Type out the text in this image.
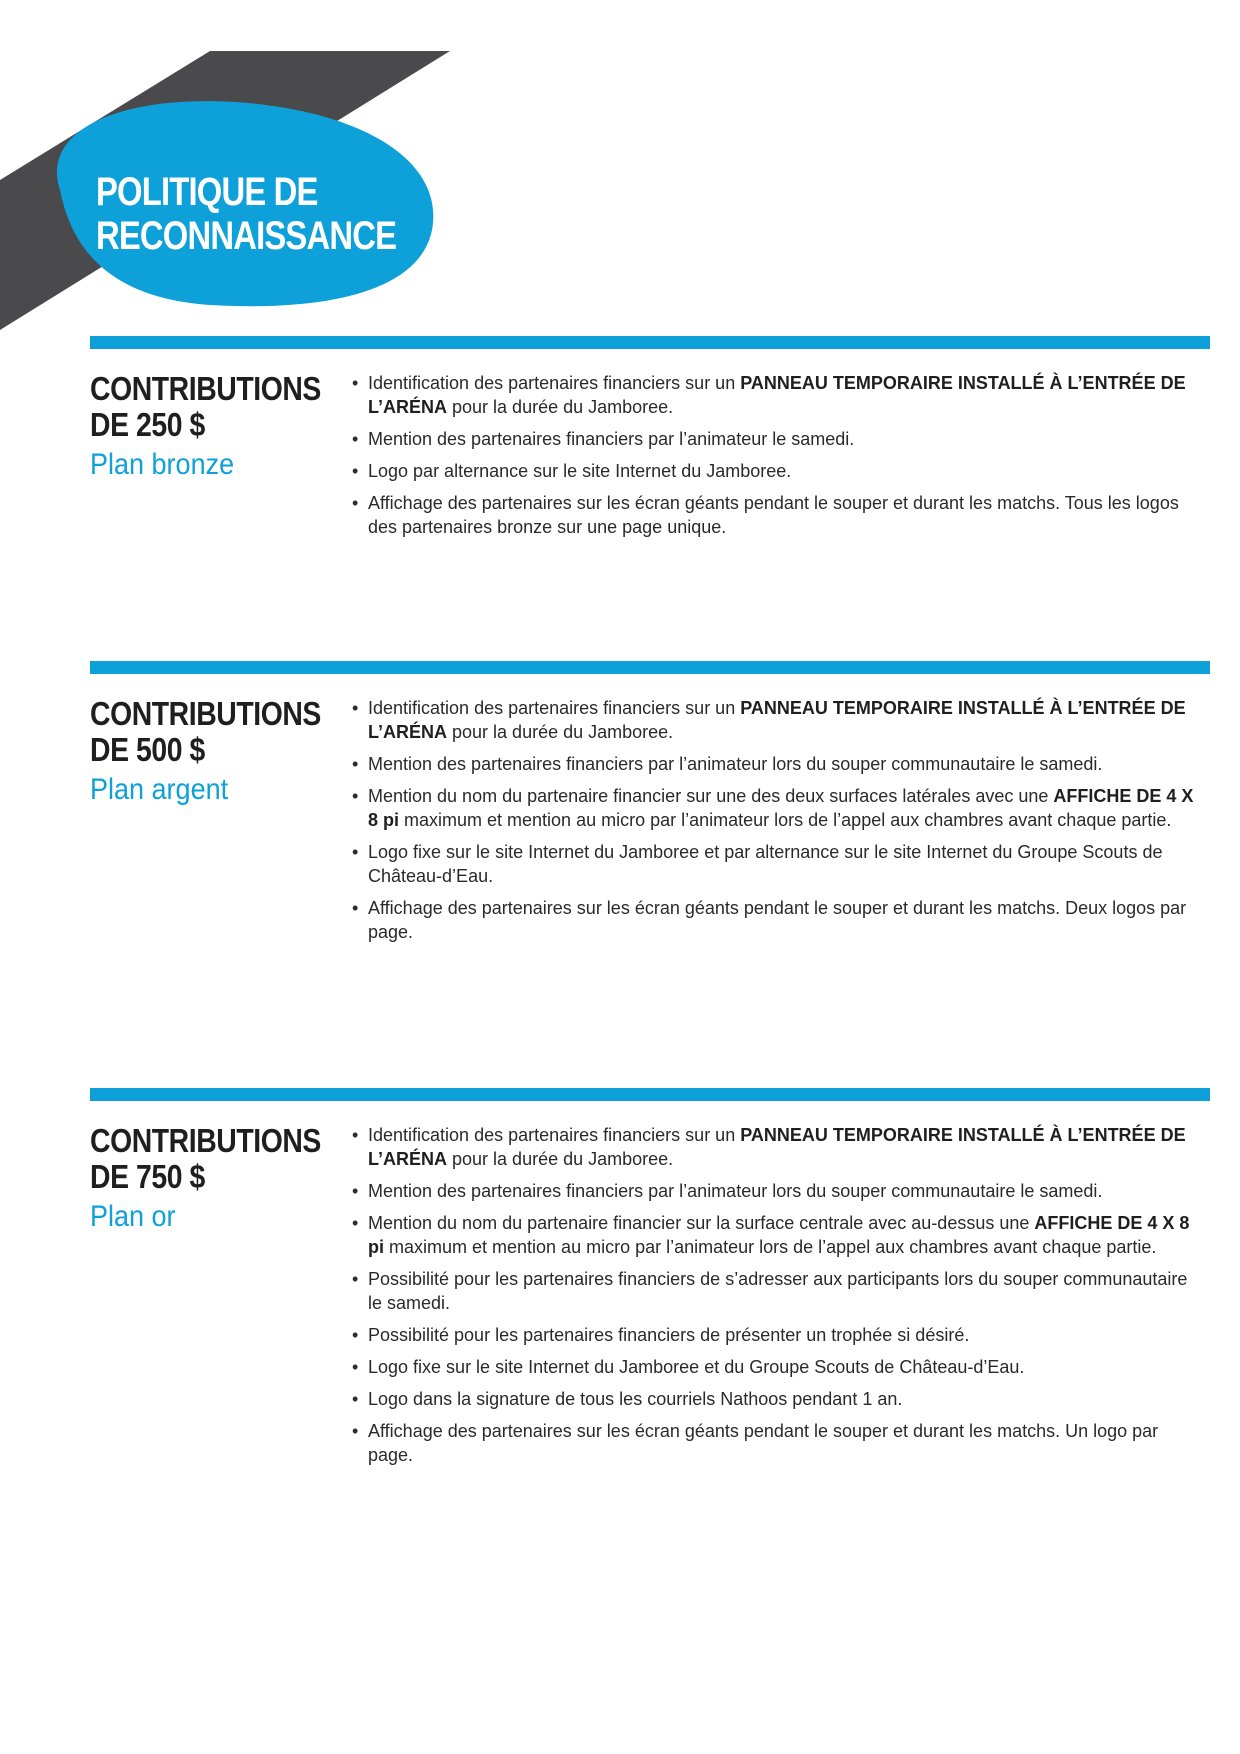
POLITIQUE DE
RECONNAISSANCE
CONTRIBUTIONS
DE 250 $
Plan bronze
• Identification des partenaires financiers sur un PANNEAU TEMPORAIRE INSTALLÉ À L’ENTRÉE DE L’ARÉNA pour la durée du Jamboree.
• Mention des partenaires financiers par l’animateur le samedi.
• Logo par alternance sur le site Internet du Jamboree.
• Affichage des partenaires sur les écran géants pendant le souper et durant les matchs. Tous les logos des partenaires bronze sur une page unique.
CONTRIBUTIONS
DE 500 $
Plan argent
• Identification des partenaires financiers sur un PANNEAU TEMPORAIRE INSTALLÉ À L’ENTRÉE DE L’ARÉNA pour la durée du Jamboree.
• Mention des partenaires financiers par l’animateur lors du souper communautaire le samedi.
• Mention du nom du partenaire financier sur une des deux surfaces latérales avec une AFFICHE DE 4 X 8 pi maximum et mention au micro par l’animateur lors de l’appel aux chambres avant chaque partie.
• Logo fixe sur le site Internet du Jamboree et par alternance sur le site Internet du Groupe Scouts de Château-d’Eau.
• Affichage des partenaires sur les écran géants pendant le souper et durant les matchs. Deux logos par page.
CONTRIBUTIONS
DE 750 $
Plan or
• Identification des partenaires financiers sur un PANNEAU TEMPORAIRE INSTALLÉ À L’ENTRÉE DE L’ARÉNA pour la durée du Jamboree.
• Mention des partenaires financiers par l’animateur lors du souper communautaire le samedi.
• Mention du nom du partenaire financier sur la surface centrale avec au-dessus une AFFICHE DE 4 X 8 pi maximum et mention au micro par l’animateur lors de l’appel aux chambres avant chaque partie.
• Possibilité pour les partenaires financiers de s’adresser aux participants lors du souper communautaire le samedi.
• Possibilité pour les partenaires financiers de présenter un trophée si désiré.
• Logo fixe sur le site Internet du Jamboree et du Groupe Scouts de Château-d’Eau.
• Logo dans la signature de tous les courriels Nathoos pendant 1 an.
• Affichage des partenaires sur les écran géants pendant le souper et durant les matchs. Un logo par page.
